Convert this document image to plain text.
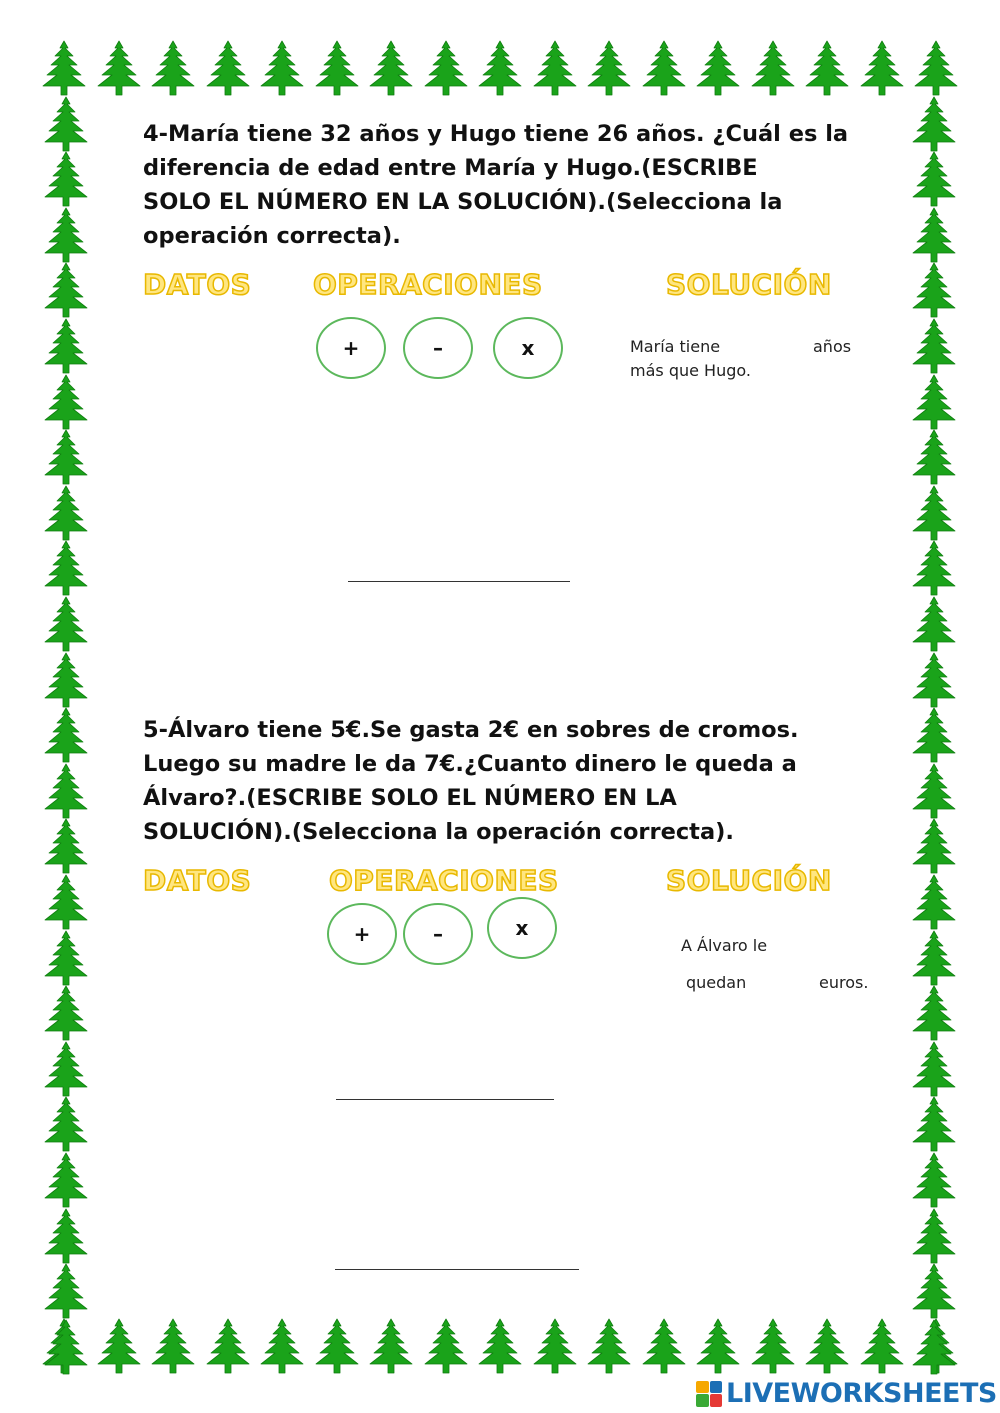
4-María tiene 32 años y Hugo tiene 26 años. ¿Cuál es la
diferencia de edad entre María y Hugo.(ESCRIBE
SOLO EL NÚMERO EN LA SOLUCIÓN).(Selecciona la
operación correcta).

DATOS OPERACIONES	SOLUCIÓN
+	–	x	María tiene	años
más que Hugo.

5-Álvaro tiene 5€.Se gasta 2€ en sobres de cromos.
Luego su madre le da 7€.¿Cuanto dinero le queda a
Álvaro?.(ESCRIBE SOLO EL NÚMERO EN LA
SOLUCIÓN).(Selecciona la operación correcta).

DATOS	OPERACIONES	SOLUCIÓN
+	–	x
A Álvaro le
quedan	euros.
LIVEWORKSHEETS
